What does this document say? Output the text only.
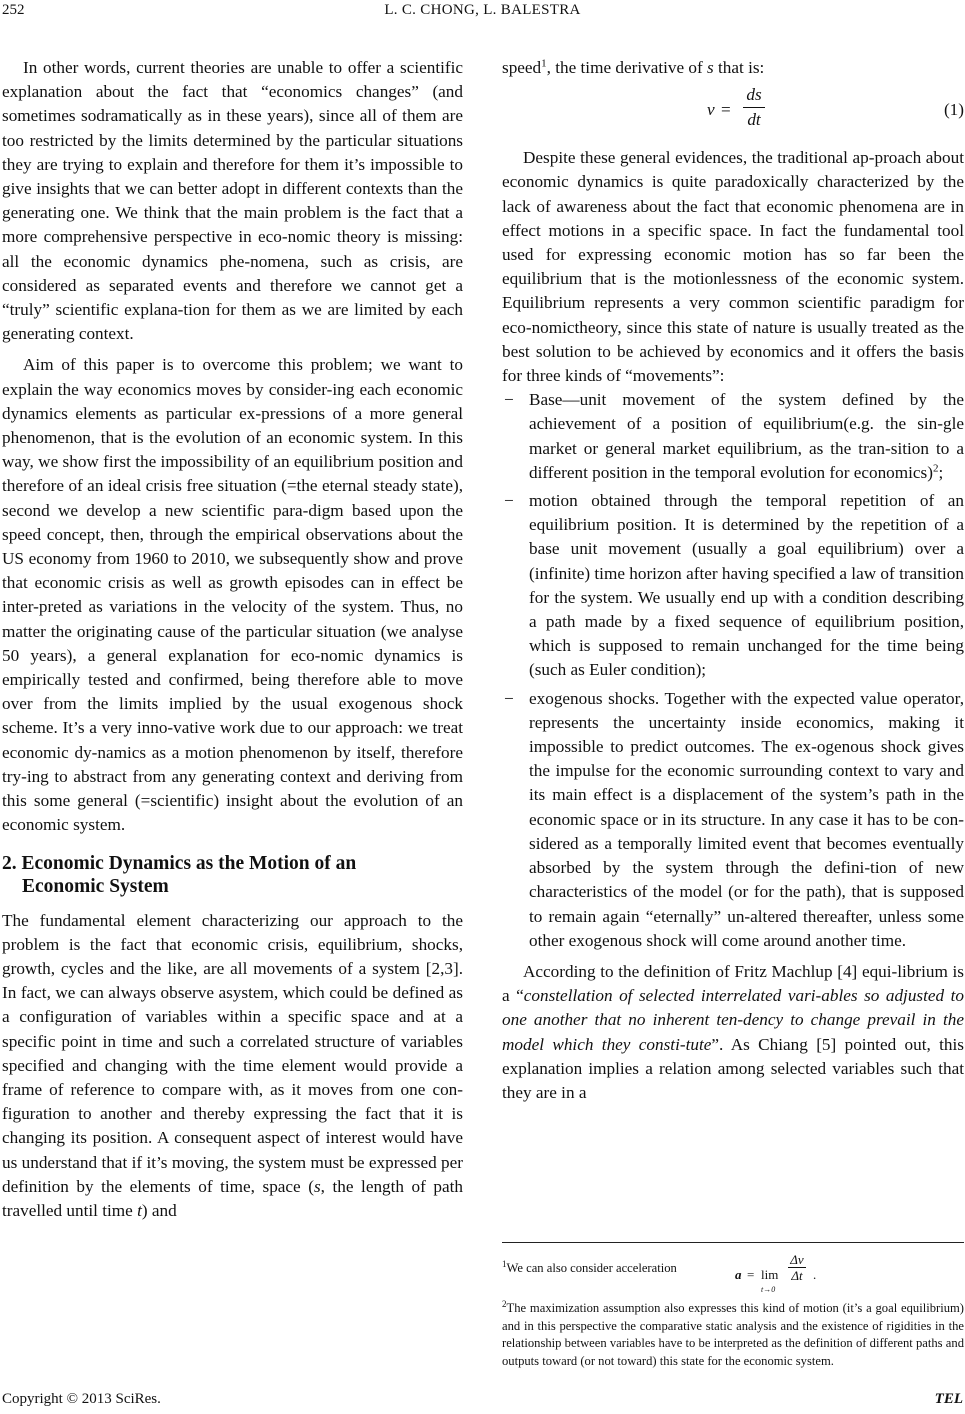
252	L. C. CHONG, L. BALESTRA

In other words, current theories are unable to offer a scientific explanation about the fact that “economics changes” (and sometimes sodramatically as in these years), since all of them are too restricted by the limits determined by the particular situations they are trying to explain and therefore for them it’s impossible to give insights that we can better adopt in different contexts than the generating one. We think that the main problem is the fact that a more comprehensive perspective in eco-nomic theory is missing: all the economic dynamics phe-nomena, such as crisis, are considered as separated events and therefore we cannot get a “truly” scientific explana-tion for them as we are limited by each generating context.

Aim of this paper is to overcome this problem; we want to explain the way economics moves by consider-ing each economic dynamics elements as particular ex-pressions of a more general phenomenon, that is the evolution of an economic system. In this way, we show first the impossibility of an equilibrium position and therefore of an ideal crisis free situation (=the eternal steady state), second we develop a new scientific para-digm based upon the speed concept, then, through the empirical observations about the US economy from 1960 to 2010, we subsequently show and prove that economic crisis as well as growth episodes can in effect be inter-preted as variations in the velocity of the system. Thus, no matter the originating cause of the particular situation (we analyse 50 years), a general explanation for eco-nomic dynamics is empirically tested and confirmed, being therefore able to move over from the limits implied by the usual exogenous shock scheme. It’s a very inno-vative work due to our approach: we treat economic dy-namics as a motion phenomenon by itself, therefore try-ing to abstract from any generating context and deriving from this some general (=scientific) insight about the evolution of an economic system.

2. Economic Dynamics as the Motion of an
Economic System

The fundamental element characterizing our approach to the problem is the fact that economic crisis, equilibrium, shocks, growth, cycles and the like, are all movements of a system [2,3]. In fact, we can always observe asystem, which could be defined as a configuration of variables within a specific space and at a specific point in time and such a correlated structure of variables specified and changing with the time element would provide a frame of reference to compare with, as it moves from one con-figuration to another and thereby expressing the fact that it is changing its position. A consequent aspect of interest would have us understand that if it’s moving, the system must be expressed per definition by the elements of time, space (s, the length of path travelled until time t) and

speed$^1$, the time derivative of s that is:

v =
ds
dt
(1)

Despite these general evidences, the traditional ap-proach about economic dynamics is quite paradoxically characterized by the lack of awareness about the fact that economic phenomena are in effect motions in a specific space. In fact the fundamental tool used for expressing economic motion has so far been the equilibrium that is the motionlessness of the economic system. Equilibrium represents a very common scientific paradigm for eco-nomictheory, since this state of nature is usually treated as the best solution to be achieved by economics and it offers the basis for three kinds of “movements”:

− Base—unit movement of the system defined by the achievement of a position of equilibrium(e.g. the sin-gle market or general market equilibrium, as the tran-sition to a different position in the temporal evolution for economics)$^2$;
− motion obtained through the temporal repetition of an equilibrium position. It is determined by the repetition of a base unit movement (usually a goal equilibrium) over a (infinite) time horizon after having specified a law of transition for the system. We usually end up with a condition describing a path made by a fixed sequence of equilibrium position, which is supposed to remain unchanged for the time being (such as Euler condition);
− exogenous shocks. Together with the expected value operator, represents the uncertainty inside economics, making it impossible to predict outcomes. The ex-ogenous shock gives the impulse for the economic surrounding context to vary and its main effect is a displacement of the system’s path in the economic space or in its structure. In any case it has to be con-sidered as a temporally limited event that becomes eventually absorbed by the system through the defini-tion of new characteristics of the model (or for the path), that is supposed to remain again “eternally” un-altered thereafter, unless some other exogenous shock will come around another time.

According to the definition of Fritz Machlup [4] equi-librium is a “constellation of selected interrelated vari-ables so adjusted to one another that no inherent ten-dency to change prevail in the model which they consti-tute”. As Chiang [5] pointed out, this explanation implies a relation among selected variables such that they are in a

$^1$We can also consider acceleration	a = lim
t→0
Δv
Δt .
$^2$The maximization assumption also expresses this kind of motion (it’s a goal equilibrium) and in this perspective the comparative static analysis and the existence of rigidities in the relationship between variables have to be interpreted as the definition of different paths and outputs toward (or not toward) this state for the economic system.
Copyright © 2013 SciRes.	TEL
